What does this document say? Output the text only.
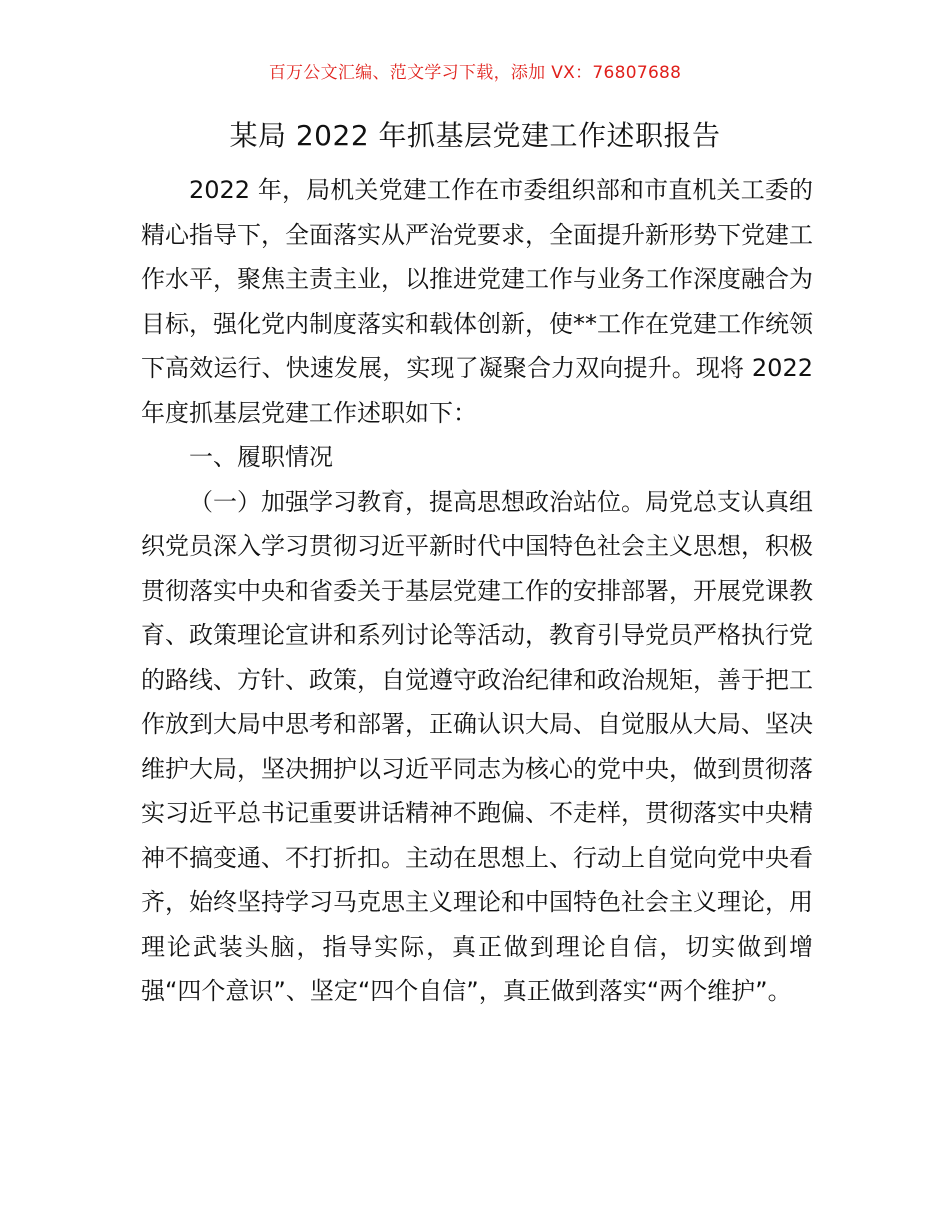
百万公文汇编、范文学习下载，添加 VX：76807688
某局 2022 年抓基层党建工作述职报告

2022 年，局机关党建工作在市委组织部和市直机关工委的精心指导下，全面落实从严治党要求，全面提升新形势下党建工作水平，聚焦主责主业，以推进党建工作与业务工作深度融合为目标，强化党内制度落实和载体创新，使**工作在党建工作统领下高效运行、快速发展，实现了凝聚合力双向提升。现将 2022 年度抓基层党建工作述职如下：

一、履职情况

（一）加强学习教育，提高思想政治站位。局党总支认真组织党员深入学习贯彻习近平新时代中国特色社会主义思想，积极贯彻落实中央和省委关于基层党建工作的安排部署，开展党课教育、政策理论宣讲和系列讨论等活动，教育引导党员严格执行党的路线、方针、政策，自觉遵守政治纪律和政治规矩，善于把工作放到大局中思考和部署，正确认识大局、自觉服从大局、坚决维护大局，坚决拥护以习近平同志为核心的党中央，做到贯彻落实习近平总书记重要讲话精神不跑偏、不走样，贯彻落实中央精神不搞变通、不打折扣。主动在思想上、行动上自觉向党中央看齐，始终坚持学习马克思主义理论和中国特色社会主义理论，用理论武装头脑，指导实际，真正做到理论自信，切实做到增强“四个意识”、坚定“四个自信”，真正做到落实“两个维护”。
